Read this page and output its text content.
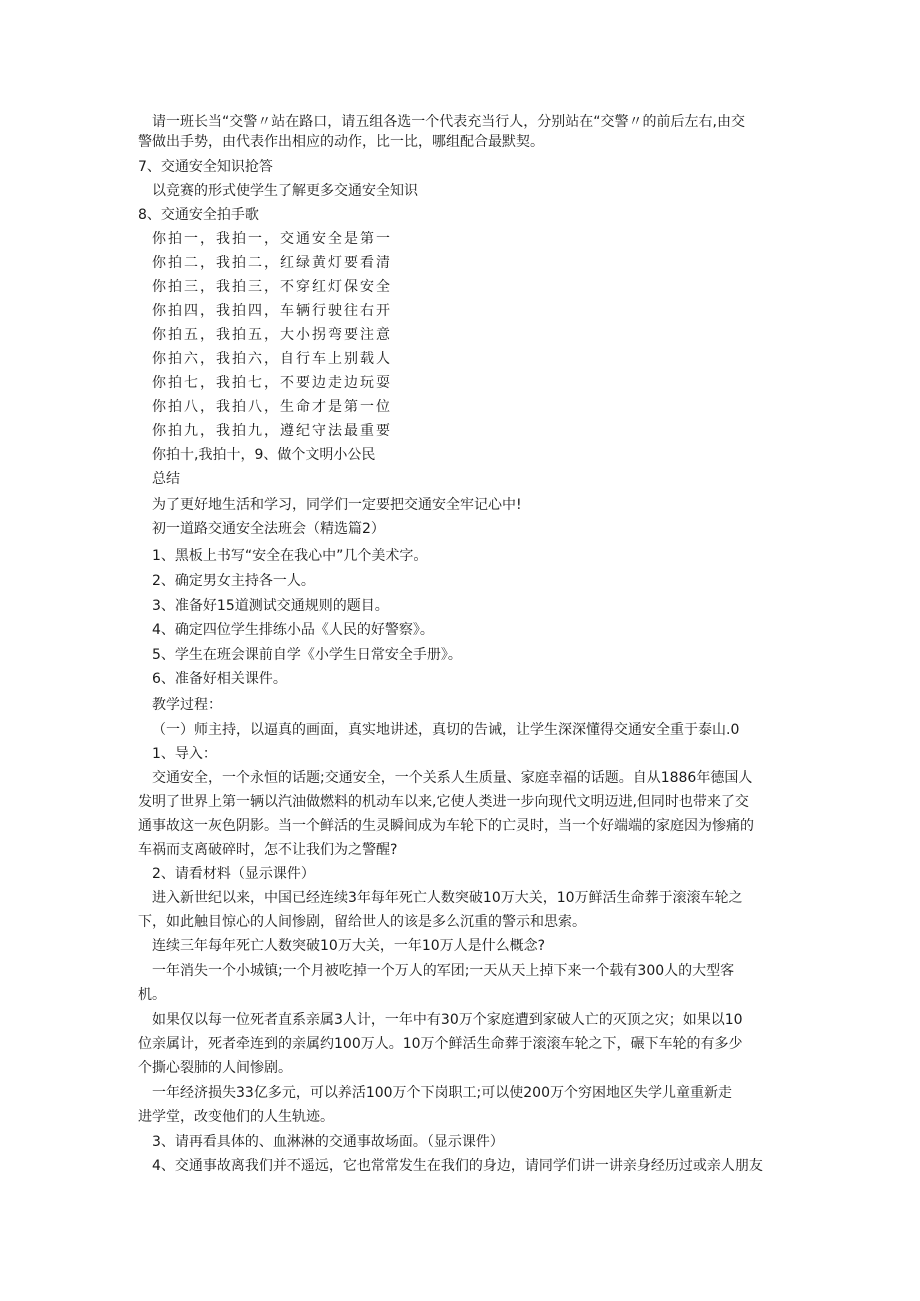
请一班长当“交警〃站在路口，请五组各选一个代表充当行人，分别站在“交警〃的前后左右,由交
警做出手势，由代表作出相应的动作，比一比，哪组配合最默契。
7、交通安全知识抢答
以竞赛的形式使学生了解更多交通安全知识
8、交通安全拍手歌
你拍一，我拍一，交通安全是第一
你拍二，我拍二，红绿黄灯要看清
你拍三，我拍三，不穿红灯保安全
你拍四，我拍四，车辆行驶往右开
你拍五，我拍五，大小拐弯要注意
你拍六，我拍六，自行车上别载人
你拍七，我拍七，不要边走边玩耍
你拍八，我拍八，生命才是第一位
你拍九，我拍九，遵纪守法最重要
你拍十,我拍十，9、做个文明小公民
总结
为了更好地生活和学习，同学们一定要把交通安全牢记心中!
初一道路交通安全法班会（精选篇2）
1、黑板上书写“安全在我心中”几个美术字。
2、确定男女主持各一人。
3、准备好15道测试交通规则的题目。
4、确定四位学生排练小品《人民的好警察》。
5、学生在班会课前自学《小学生日常安全手册》。
6、准备好相关课件。
教学过程：
（一）师主持，以逼真的画面，真实地讲述，真切的告诫，让学生深深懂得交通安全重于泰山.0
1、导入：
交通安全，一个永恒的话题;交通安全，一个关系人生质量、家庭幸福的话题。自从1886年德国人
发明了世界上第一辆以汽油做燃料的机动车以来,它使人类进一步向现代文明迈进,但同时也带来了交
通事故这一灰色阴影。当一个鲜活的生灵瞬间成为车轮下的亡灵时，当一个好端端的家庭因为惨痛的
车祸而支离破碎时，怎不让我们为之警醒?
2、请看材料（显示课件）
进入新世纪以来，中国已经连续3年每年死亡人数突破10万大关，10万鲜活生命葬于滚滚车轮之
下，如此触目惊心的人间惨剧，留给世人的该是多么沉重的警示和思索。
连续三年每年死亡人数突破10万大关，一年10万人是什么概念?
一年消失一个小城镇;一个月被吃掉一个万人的军团;一天从天上掉下来一个载有300人的大型客
机。
如果仅以每一位死者直系亲属3人计，一年中有30万个家庭遭到家破人亡的灭顶之灾；如果以10
位亲属计，死者牵连到的亲属约100万人。10万个鲜活生命葬于滚滚车轮之下，碾下车轮的有多少
个撕心裂肺的人间惨剧。
一年经济损失33亿多元，可以养活100万个下岗职工;可以使200万个穷困地区失学儿童重新走
进学堂，改变他们的人生轨迹。
3、请再看具体的、血淋淋的交通事故场面。（显示课件）
4、交通事故离我们并不遥远，它也常常发生在我们的身边，请同学们讲一讲亲身经历过或亲人朋友
